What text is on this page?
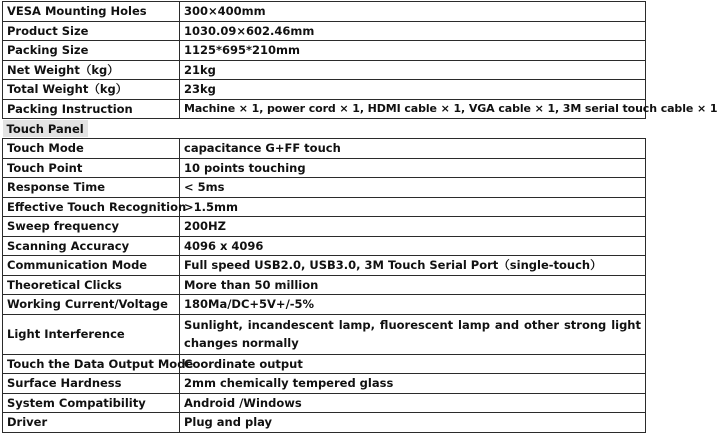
VESA Mounting Holes	300×400mm
Product Size	1030.09×602.46mm
Packing Size	1125*695*210mm
Net Weight（kg）	21kg
Total Weight（kg）	23kg
Packing Instruction	Machine × 1, power cord × 1, HDMI cable × 1, VGA cable × 1, 3M serial touch cable × 1
Touch Panel	
Touch Mode	capacitance G+FF touch
Touch Point	10 points touching
Response Time	< 5ms
Effective Touch Recognition	>1.5mm
Sweep frequency	200HZ
Scanning Accuracy	4096 x 4096
Communication Mode	Full speed USB2.0, USB3.0, 3M Touch Serial Port（single-touch）
Theoretical Clicks	More than 50 million
Working Current/Voltage	180Ma/DC+5V+/-5%
Light Interference	Sunlight, incandescent lamp, fluorescent lamp and other strong light changes normally
Touch the Data Output Mode	Coordinate output
Surface Hardness	2mm chemically tempered glass
System Compatibility	Android /Windows
Driver	Plug and play
